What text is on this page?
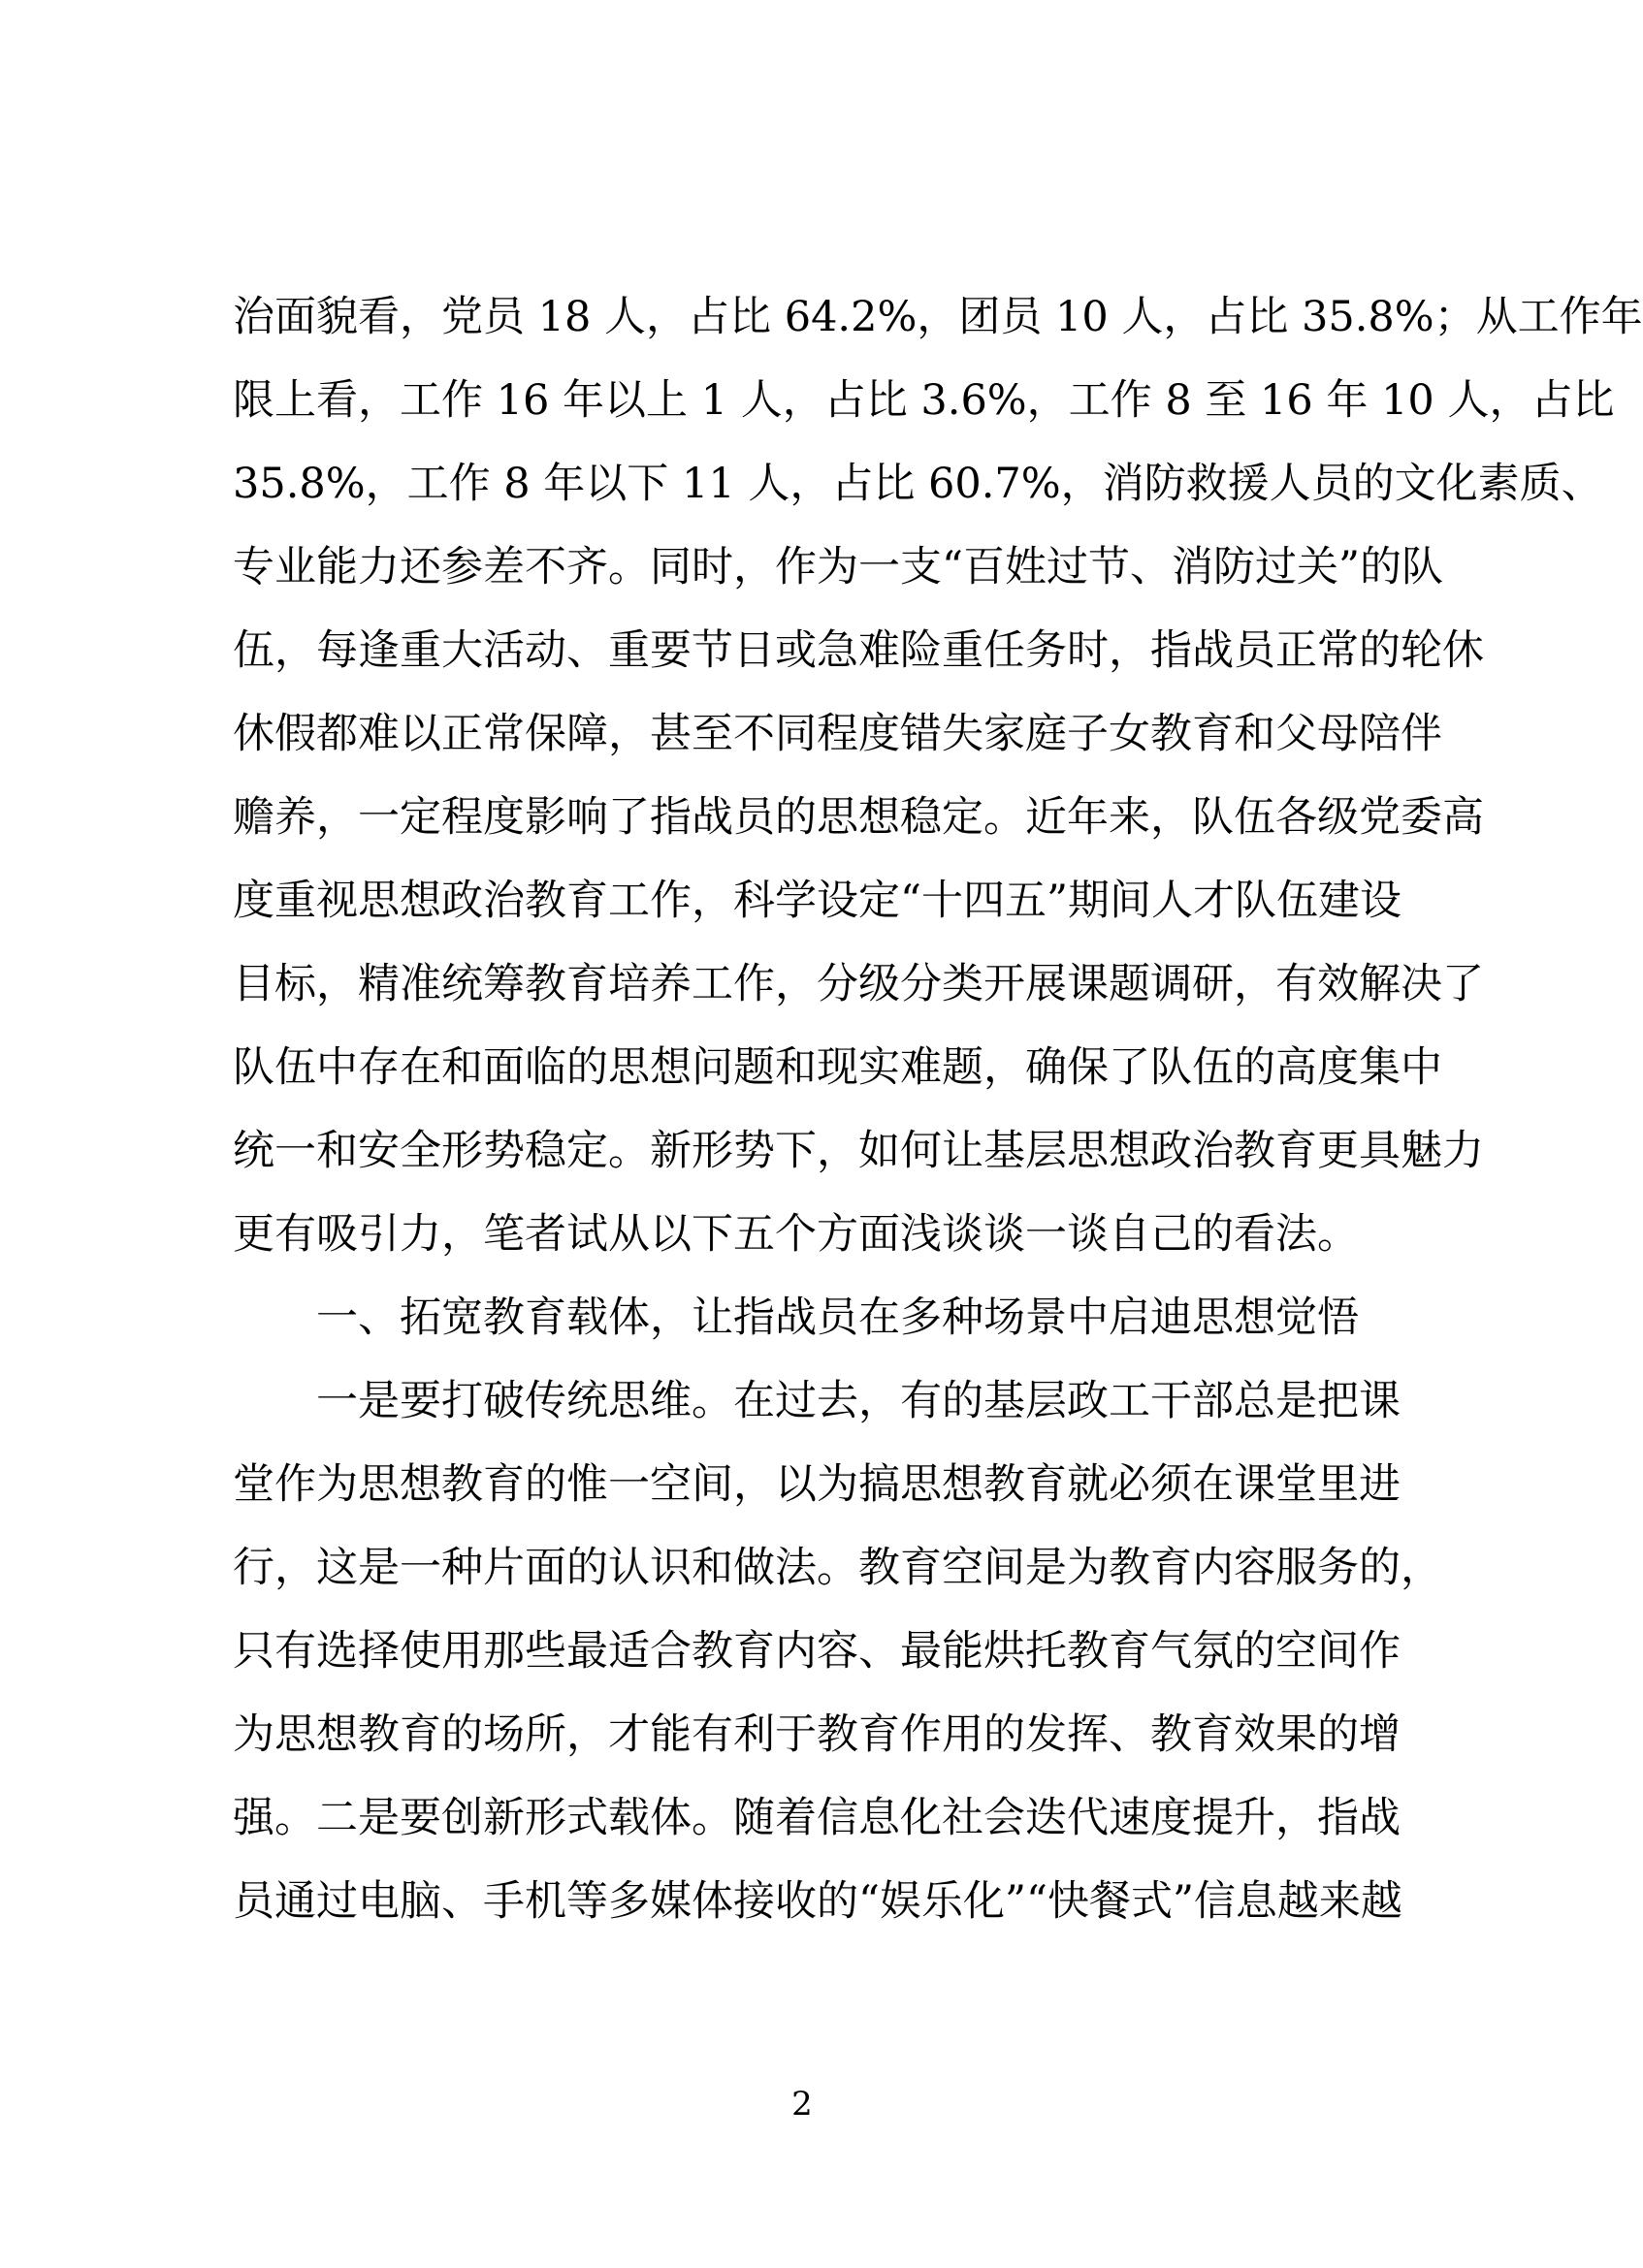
治面貌看，党员 18 人，占比 64.2%，团员 10 人，占比 35.8%；从工作年
限上看，工作 16 年以上 1 人，占比 3.6%，工作 8 至 16 年 10 人，占比
35.8%，工作 8 年以下 11 人，占比 60.7%，消防救援人员的文化素质、
专业能力还参差不齐。同时，作为一支“百姓过节、消防过关”的队
伍，每逢重大活动、重要节日或急难险重任务时，指战员正常的轮休
休假都难以正常保障，甚至不同程度错失家庭子女教育和父母陪伴
赡养，一定程度影响了指战员的思想稳定。近年来，队伍各级党委高
度重视思想政治教育工作，科学设定“十四五”期间人才队伍建设
目标，精准统筹教育培养工作，分级分类开展课题调研，有效解决了
队伍中存在和面临的思想问题和现实难题，确保了队伍的高度集中
统一和安全形势稳定。新形势下，如何让基层思想政治教育更具魅力
更有吸引力，笔者试从以下五个方面浅谈谈一谈自己的看法。
一、拓宽教育载体，让指战员在多种场景中启迪思想觉悟
一是要打破传统思维。在过去，有的基层政工干部总是把课
堂作为思想教育的惟一空间，以为搞思想教育就必须在课堂里进
行，这是一种片面的认识和做法。教育空间是为教育内容服务的，
只有选择使用那些最适合教育内容、最能烘托教育气氛的空间作
为思想教育的场所，才能有利于教育作用的发挥、教育效果的增
强。二是要创新形式载体。随着信息化社会迭代速度提升，指战
员通过电脑、手机等多媒体接收的“娱乐化”“快餐式”信息越来越
2
